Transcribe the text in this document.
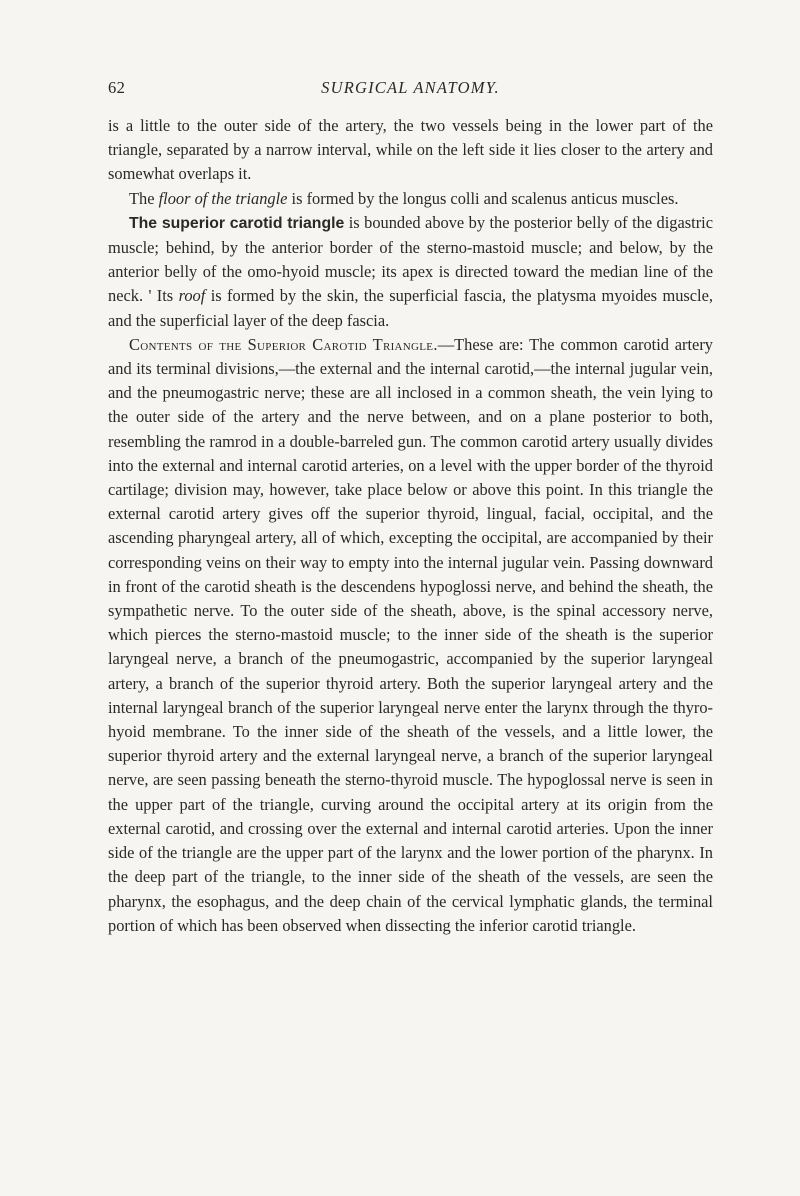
62	SURGICAL ANATOMY.

is a little to the outer side of the artery, the two vessels being in the lower part of the triangle, separated by a narrow interval, while on the left side it lies closer to the artery and somewhat overlaps it.

The floor of the triangle is formed by the longus colli and scalenus anticus muscles.

The superior carotid triangle is bounded above by the posterior belly of the digastric muscle; behind, by the anterior border of the sterno-mastoid muscle; and below, by the anterior belly of the omo-hyoid muscle; its apex is directed toward the median line of the neck. ' Its roof is formed by the skin, the superficial fascia, the platysma myoides muscle, and the superficial layer of the deep fascia.

Contents of the Superior Carotid Triangle.—These are: The common carotid artery and its terminal divisions,—the external and the internal carotid,—the internal jugular vein, and the pneumogastric nerve; these are all inclosed in a common sheath, the vein lying to the outer side of the artery and the nerve between, and on a plane posterior to both, resembling the ramrod in a double-barreled gun. The common carotid artery usually divides into the external and internal carotid arteries, on a level with the upper border of the thyroid cartilage; division may, however, take place below or above this point. In this triangle the external carotid artery gives off the superior thyroid, lingual, facial, occipital, and the ascending pharyngeal artery, all of which, excepting the occipital, are accompanied by their corresponding veins on their way to empty into the internal jugular vein. Passing downward in front of the carotid sheath is the descendens hypoglossi nerve, and behind the sheath, the sympathetic nerve. To the outer side of the sheath, above, is the spinal accessory nerve, which pierces the sterno-mastoid muscle; to the inner side of the sheath is the superior laryngeal nerve, a branch of the pneumogastric, accompanied by the superior laryngeal artery, a branch of the superior thyroid artery. Both the superior laryngeal artery and the internal laryngeal branch of the superior laryngeal nerve enter the larynx through the thyro-hyoid membrane. To the inner side of the sheath of the vessels, and a little lower, the superior thyroid artery and the external laryngeal nerve, a branch of the superior laryngeal nerve, are seen passing beneath the sterno-thyroid muscle. The hypoglossal nerve is seen in the upper part of the triangle, curving around the occipital artery at its origin from the external carotid, and crossing over the external and internal carotid arteries. Upon the inner side of the triangle are the upper part of the larynx and the lower portion of the pharynx. In the deep part of the triangle, to the inner side of the sheath of the vessels, are seen the pharynx, the esophagus, and the deep chain of the cervical lymphatic glands, the terminal portion of which has been observed when dissecting the inferior carotid triangle.
